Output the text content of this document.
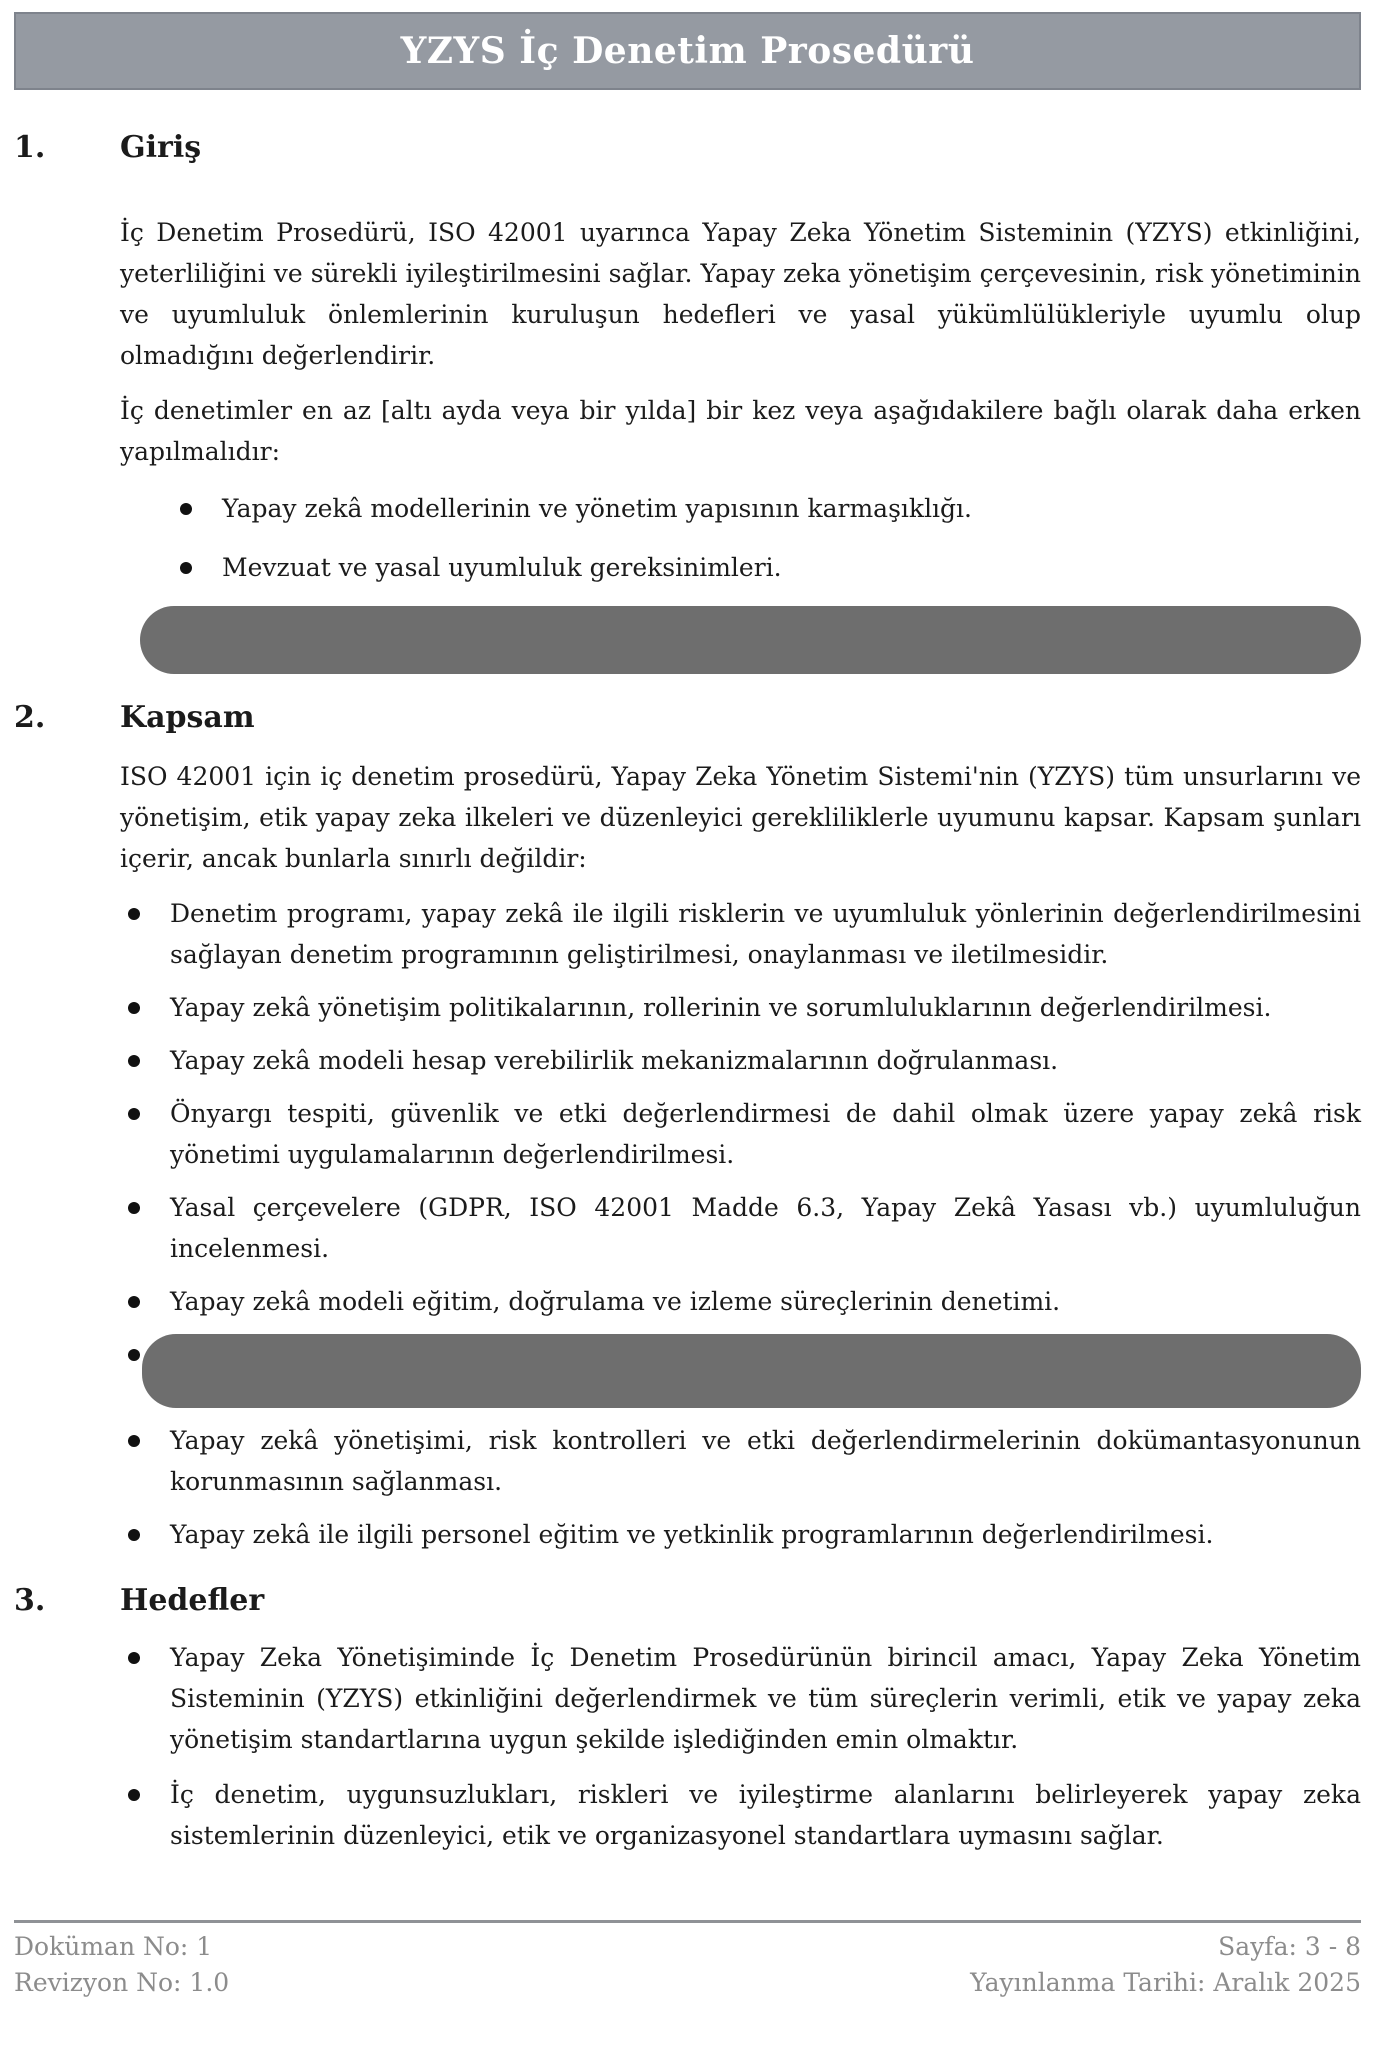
YZYS İç Denetim Prosedürü
1.	Giriş

İç Denetim Prosedürü, ISO 42001 uyarınca Yapay Zeka Yönetim Sisteminin (YZYS) etkinliğini, yeterliliğini ve sürekli iyileştirilmesini sağlar. Yapay zeka yönetişim çerçevesinin, risk yönetiminin ve uyumluluk önlemlerinin kuruluşun hedefleri ve yasal yükümlülükleriyle uyumlu olup olmadığını değerlendirir.

İç denetimler en az [altı ayda veya bir yılda] bir kez veya aşağıdakilere bağlı olarak daha erken yapılmalıdır:

Yapay zekâ modellerinin ve yönetim yapısının karmaşıklığı.
Mevzuat ve yasal uyumluluk gereksinimleri.
2.	Kapsam

ISO 42001 için iç denetim prosedürü, Yapay Zeka Yönetim Sistemi'nin (YZYS) tüm unsurlarını ve yönetişim, etik yapay zeka ilkeleri ve düzenleyici gerekliliklerle uyumunu kapsar. Kapsam şunları içerir, ancak bunlarla sınırlı değildir:

Denetim programı, yapay zekâ ile ilgili risklerin ve uyumluluk yönlerinin değerlendirilmesini sağlayan denetim programının geliştirilmesi, onaylanması ve iletilmesidir.
Yapay zekâ yönetişim politikalarının, rollerinin ve sorumluluklarının değerlendirilmesi.
Yapay zekâ modeli hesap verebilirlik mekanizmalarının doğrulanması.
Önyargı tespiti, güvenlik ve etki değerlendirmesi de dahil olmak üzere yapay zekâ risk yönetimi uygulamalarının değerlendirilmesi.
Yasal çerçevelere (GDPR, ISO 42001 Madde 6.3, Yapay Zekâ Yasası vb.) uyumluluğun incelenmesi.
Yapay zekâ modeli eğitim, doğrulama ve izleme süreçlerinin denetimi.
Yapay zekâ yönetişimi, risk kontrolleri ve etki değerlendirmelerinin dokümantasyonunun korunmasının sağlanması.
Yapay zekâ ile ilgili personel eğitim ve yetkinlik programlarının değerlendirilmesi.
3.	Hedefler
Yapay Zeka Yönetişiminde İç Denetim Prosedürünün birincil amacı, Yapay Zeka Yönetim Sisteminin (YZYS) etkinliğini değerlendirmek ve tüm süreçlerin verimli, etik ve yapay zeka yönetişim standartlarına uygun şekilde işlediğinden emin olmaktır.
İç denetim, uygunsuzlukları, riskleri ve iyileştirme alanlarını belirleyerek yapay zeka sistemlerinin düzenleyici, etik ve organizasyonel standartlara uymasını sağlar.
Doküman No: 1
Revizyon No: 1.0
Sayfa: 3 - 8
Yayınlanma Tarihi: Aralık 2025
